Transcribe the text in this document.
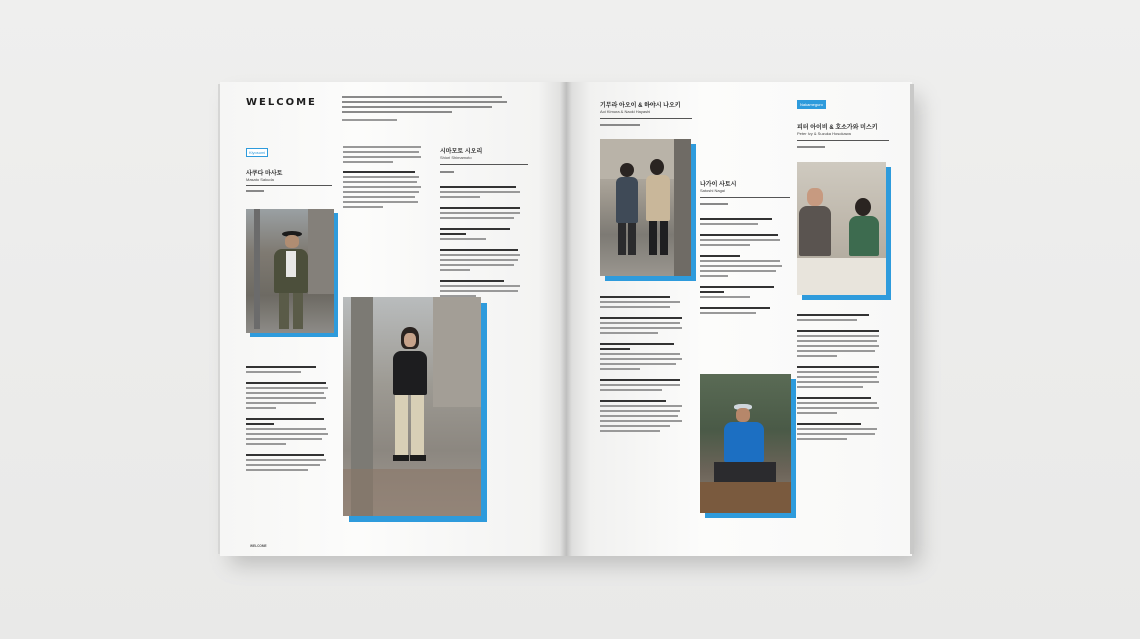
WELCOME
Kiyosumi
사쿠다 마사토
Masato Sakuda
시마모토 시오리
Shiori Shimamoto
WELCOME
기무라 아오이 & 하야시 나오키
Aoi Kimura & Naoki Hayashi
나가이 사토시
Satoshi Nagai
Nakameguro
피터 아이비 & 호소가와 미스키
Peter Ivy & Suzuka Hosokawa
